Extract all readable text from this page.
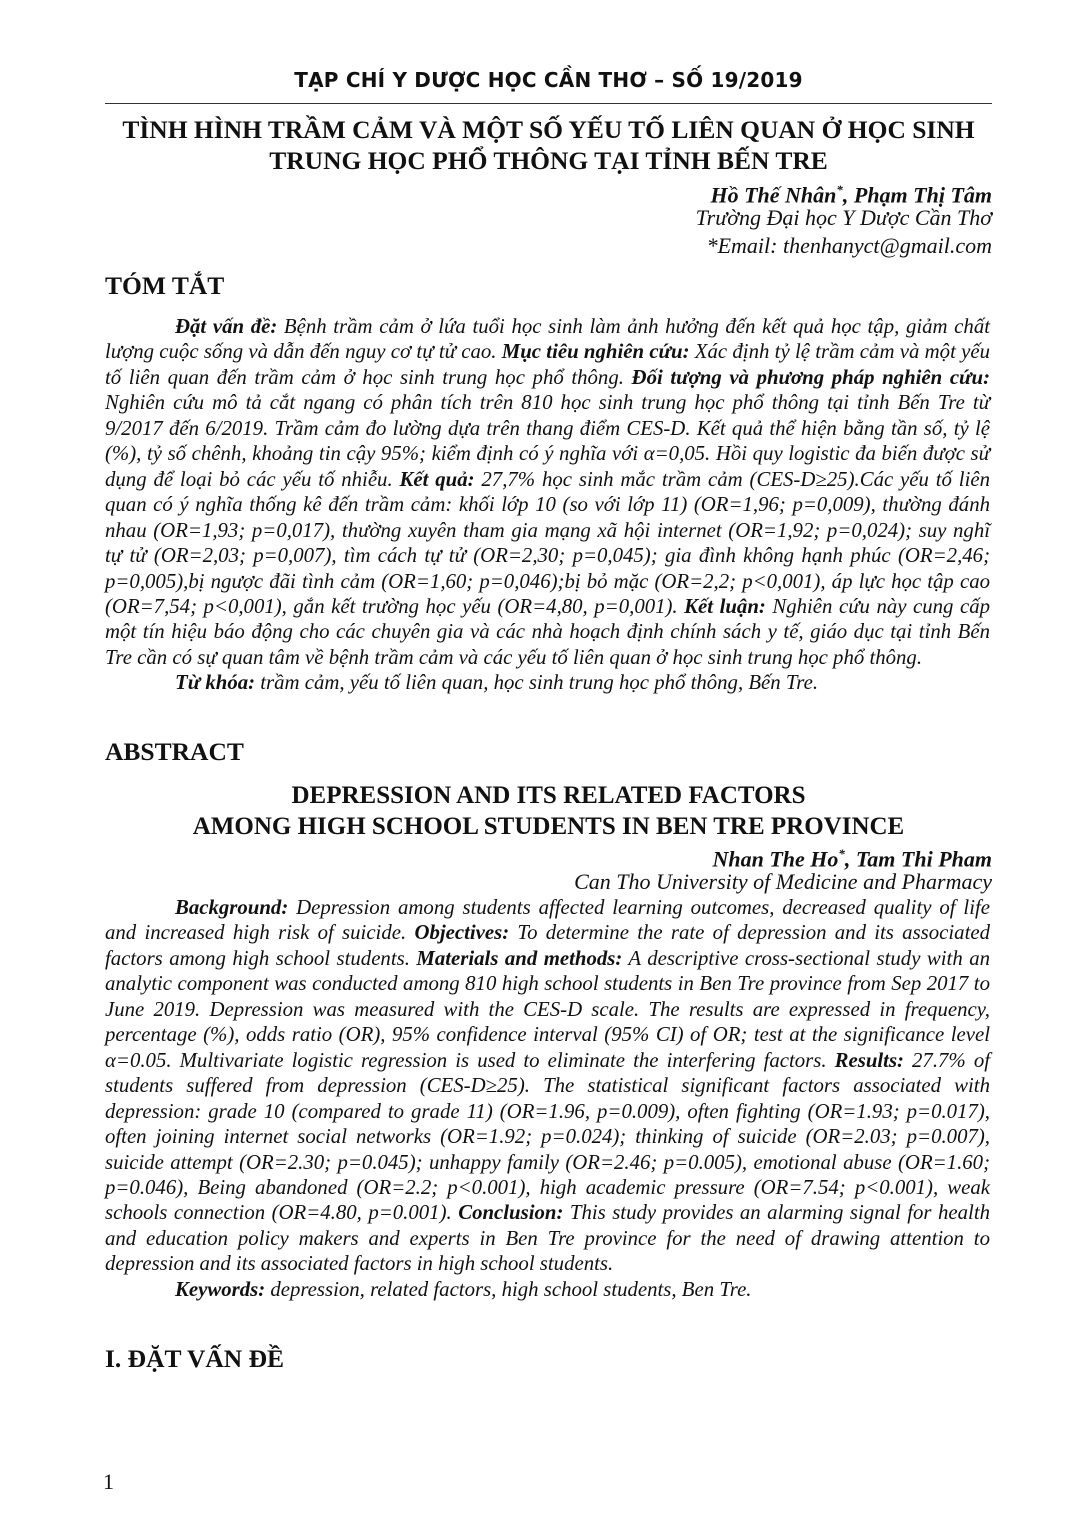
TẠP CHÍ Y DƯỢC HỌC CẦN THƠ – SỐ 19/2019
TÌNH HÌNH TRẦM CẢM VÀ MỘT SỐ YẾU TỐ LIÊN QUAN Ở HỌC SINH
TRUNG HỌC PHỔ THÔNG TẠI TỈNH BẾN TRE
Hồ Thế Nhân*, Phạm Thị Tâm
Trường Đại học Y Dược Cần Thơ
*Email: thenhanyct@gmail.com
TÓM TẮT
Đặt vấn đề: Bệnh trầm cảm ở lứa tuổi học sinh làm ảnh hưởng đến kết quả học tập, giảm chất lượng cuộc sống và dẫn đến nguy cơ tự tử cao. Mục tiêu nghiên cứu: Xác định tỷ lệ trầm cảm và một yếu tố liên quan đến trầm cảm ở học sinh trung học phổ thông. Đối tượng và phương pháp nghiên cứu: Nghiên cứu mô tả cắt ngang có phân tích trên 810 học sinh trung học phổ thông tại tỉnh Bến Tre từ 9/2017 đến 6/2019. Trầm cảm đo lường dựa trên thang điểm CES-D. Kết quả thể hiện bằng tần số, tỷ lệ (%), tỷ số chênh, khoảng tin cậy 95%; kiểm định có ý nghĩa với α=0,05. Hồi quy logistic đa biến được sử dụng để loại bỏ các yếu tố nhiễu. Kết quả: 27,7% học sinh mắc trầm cảm (CES-D≥25).Các yếu tố liên quan có ý nghĩa thống kê đến trầm cảm: khối lớp 10 (so với lớp 11) (OR=1,96; p=0,009), thường đánh nhau (OR=1,93; p=0,017), thường xuyên tham gia mạng xã hội internet (OR=1,92; p=0,024); suy nghĩ tự tử (OR=2,03; p=0,007), tìm cách tự tử (OR=2,30; p=0,045); gia đình không hạnh phúc (OR=2,46; p=0,005),bị ngược đãi tình cảm (OR=1,60; p=0,046);bị bỏ mặc (OR=2,2; p<0,001), áp lực học tập cao (OR=7,54; p<0,001), gắn kết trường học yếu (OR=4,80, p=0,001). Kết luận: Nghiên cứu này cung cấp một tín hiệu báo động cho các chuyên gia và các nhà hoạch định chính sách y tế, giáo dục tại tỉnh Bến Tre cần có sự quan tâm về bệnh trầm cảm và các yếu tố liên quan ở học sinh trung học phổ thông.
Từ khóa: trầm cảm, yếu tố liên quan, học sinh trung học phổ thông, Bến Tre.
ABSTRACT
DEPRESSION AND ITS RELATED FACTORS
AMONG HIGH SCHOOL STUDENTS IN BEN TRE PROVINCE
Nhan The Ho*, Tam Thi Pham
Can Tho University of Medicine and Pharmacy
Background: Depression among students affected learning outcomes, decreased quality of life and increased high risk of suicide. Objectives: To determine the rate of depression and its associated factors among high school students. Materials and methods: A descriptive cross-sectional study with an analytic component was conducted among 810 high school students in Ben Tre province from Sep 2017 to June 2019. Depression was measured with the CES-D scale. The results are expressed in frequency, percentage (%), odds ratio (OR), 95% confidence interval (95% CI) of OR; test at the significance level α=0.05. Multivariate logistic regression is used to eliminate the interfering factors. Results: 27.7% of students suffered from depression (CES-D≥25). The statistical significant factors associated with depression: grade 10 (compared to grade 11) (OR=1.96, p=0.009), often fighting (OR=1.93; p=0.017), often joining internet social networks (OR=1.92; p=0.024); thinking of suicide (OR=2.03; p=0.007), suicide attempt (OR=2.30; p=0.045); unhappy family (OR=2.46; p=0.005), emotional abuse (OR=1.60; p=0.046), Being abandoned (OR=2.2; p<0.001), high academic pressure (OR=7.54; p<0.001), weak schools connection (OR=4.80, p=0.001). Conclusion: This study provides an alarming signal for health and education policy makers and experts in Ben Tre province for the need of drawing attention to depression and its associated factors in high school students.
Keywords: depression, related factors, high school students, Ben Tre.
I. ĐẶT VẤN ĐỀ
1
